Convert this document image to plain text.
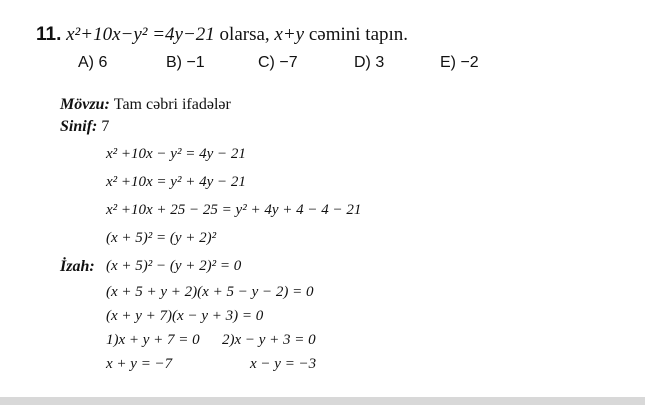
11. x²+10x−y² =4y−21 olarsa, x+y cəmini tapın.
A) 6	B) −1	C) −7	D) 3	E) −2
Mövzu: Tam cəbri ifadələr
Sinif: 7
x² +10x − y² = 4y − 21
x² +10x = y² + 4y − 21
x² +10x + 25 − 25 = y² + 4y + 4 − 4 − 21
(x + 5)² = (y + 2)²
İzah: (x + 5)² − (y + 2)² = 0
(x + 5 + y + 2)(x + 5 − y − 2) = 0
(x + y + 7)(x − y + 3) = 0
1)x + y + 7 = 0 2)x − y + 3 = 0
x + y = −7	x − y = −3
